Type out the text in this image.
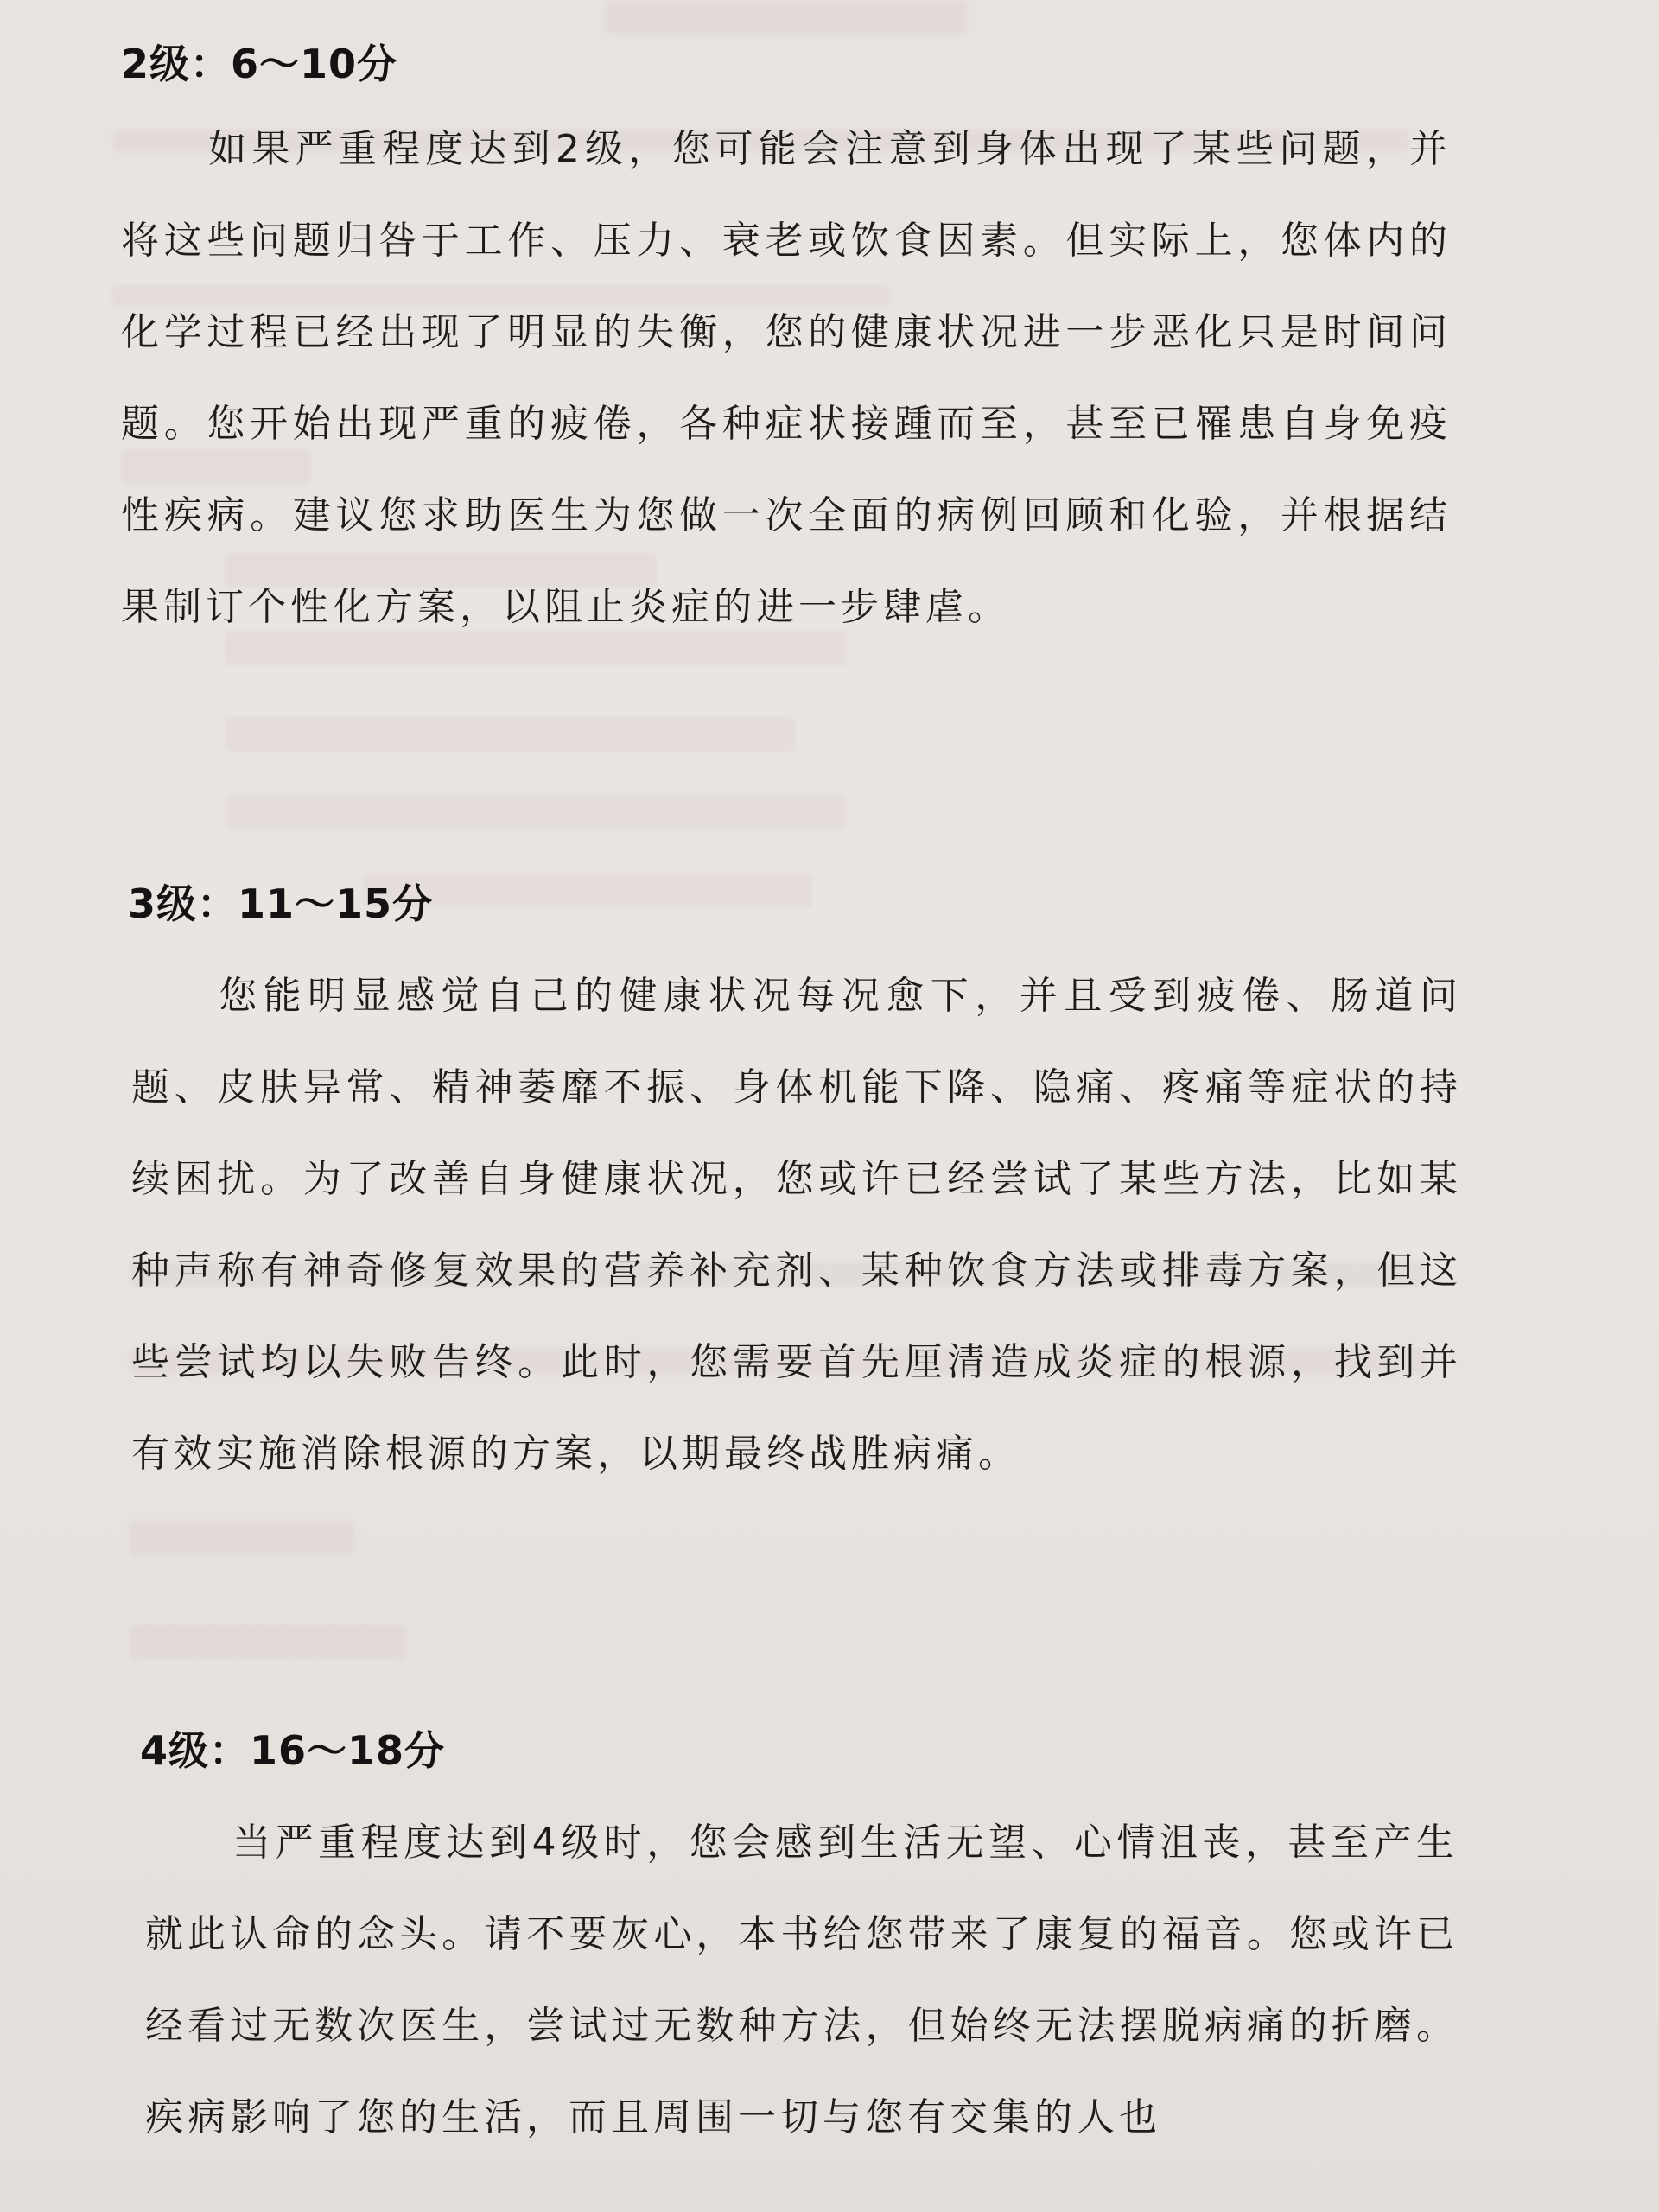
2级：6～10分

如果严重程度达到2级，您可能会注意到身体出现了某些问题，并将这些问题归咎于工作、压力、衰老或饮食因素。但实际上，您体内的化学过程已经出现了明显的失衡，您的健康状况进一步恶化只是时间问题。您开始出现严重的疲倦，各种症状接踵而至，甚至已罹患自身免疫性疾病。建议您求助医生为您做一次全面的病例回顾和化验，并根据结果制订个性化方案，以阻止炎症的进一步肆虐。

3级：11～15分

您能明显感觉自己的健康状况每况愈下，并且受到疲倦、肠道问题、皮肤异常、精神萎靡不振、身体机能下降、隐痛、疼痛等症状的持续困扰。为了改善自身健康状况，您或许已经尝试了某些方法，比如某种声称有神奇修复效果的营养补充剂、某种饮食方法或排毒方案，但这些尝试均以失败告终。此时，您需要首先厘清造成炎症的根源，找到并有效实施消除根源的方案，以期最终战胜病痛。

4级：16～18分

当严重程度达到4级时，您会感到生活无望、心情沮丧，甚至产生就此认命的念头。请不要灰心，本书给您带来了康复的福音。您或许已经看过无数次医生，尝试过无数种方法，但始终无法摆脱病痛的折磨。疾病影响了您的生活，而且周围一切与您有交集的人也
